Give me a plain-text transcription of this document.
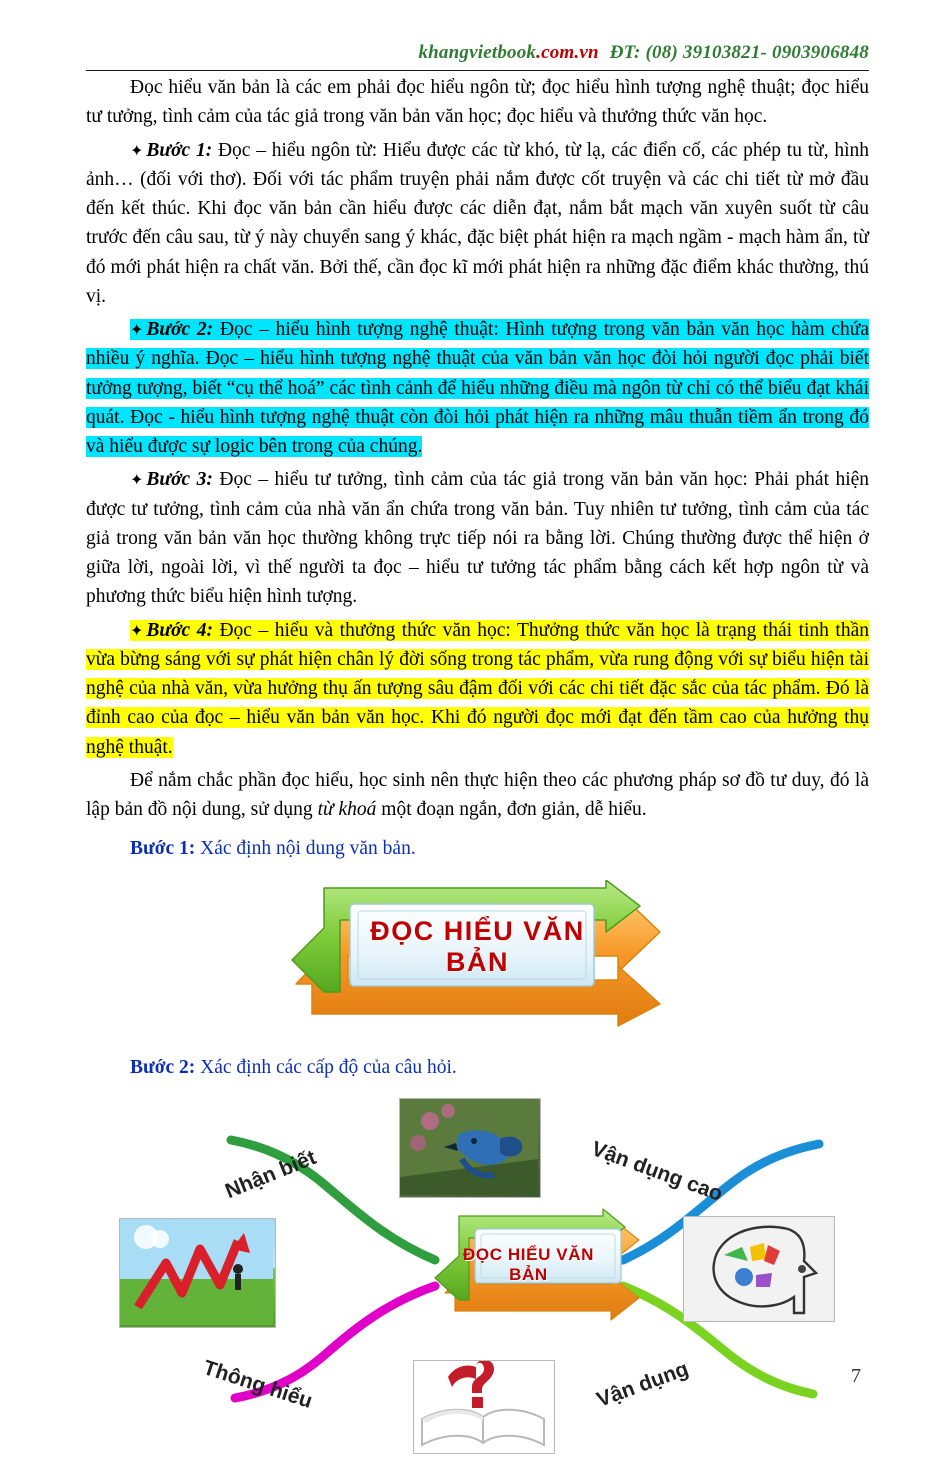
khangvietbook.com.vn ĐT: (08) 39103821- 0903906848

Đọc hiểu văn bản là các em phải đọc hiểu ngôn từ; đọc hiểu hình tượng nghệ thuật; đọc hiểu tư tưởng, tình cảm của tác giả trong văn bản văn học; đọc hiểu và thưởng thức văn học.

✦ Bước 1: Đọc – hiểu ngôn từ: Hiểu được các từ khó, từ lạ, các điển cố, các phép tu từ, hình ảnh… (đối với thơ). Đối với tác phẩm truyện phải nắm được cốt truyện và các chi tiết từ mở đầu đến kết thúc. Khi đọc văn bản cần hiểu được các diễn đạt, nắm bắt mạch văn xuyên suốt từ câu trước đến câu sau, từ ý này chuyển sang ý khác, đặc biệt phát hiện ra mạch ngầm - mạch hàm ẩn, từ đó mới phát hiện ra chất văn. Bởi thế, cần đọc kĩ mới phát hiện ra những đặc điểm khác thường, thú vị.

✦ Bước 2: Đọc – hiểu hình tượng nghệ thuật: Hình tượng trong văn bản văn học hàm chứa nhiều ý nghĩa. Đọc – hiểu hình tượng nghệ thuật của văn bản văn học đòi hỏi người đọc phải biết tưởng tượng, biết “cụ thể hoá” các tình cảnh để hiểu những điều mà ngôn từ chỉ có thể biểu đạt khái quát. Đọc - hiểu hình tượng nghệ thuật còn đòi hỏi phát hiện ra những mâu thuẫn tiềm ẩn trong đó và hiểu được sự logic bên trong của chúng.

✦ Bước 3: Đọc – hiểu tư tưởng, tình cảm của tác giả trong văn bản văn học: Phải phát hiện được tư tưởng, tình cảm của nhà văn ẩn chứa trong văn bản. Tuy nhiên tư tưởng, tình cảm của tác giả trong văn bản văn học thường không trực tiếp nói ra bằng lời. Chúng thường được thể hiện ở giữa lời, ngoài lời, vì thế người ta đọc – hiểu tư tưởng tác phẩm bằng cách kết hợp ngôn từ và phương thức biểu hiện hình tượng.

✦ Bước 4: Đọc – hiểu và thưởng thức văn học: Thưởng thức văn học là trạng thái tinh thần vừa bừng sáng với sự phát hiện chân lý đời sống trong tác phẩm, vừa rung động với sự biểu hiện tài nghệ của nhà văn, vừa hưởng thụ ấn tượng sâu đậm đối với các chi tiết đặc sắc của tác phẩm. Đó là đỉnh cao của đọc – hiểu văn bản văn học. Khi đó người đọc mới đạt đến tầm cao của hưởng thụ nghệ thuật.

Để nắm chắc phần đọc hiểu, học sinh nên thực hiện theo các phương pháp sơ đồ tư duy, đó là lập bản đồ nội dung, sử dụng từ khoá một đoạn ngắn, đơn giản, dễ hiểu.

Bước 1: Xác định nội dung văn bản.

ĐỌC HIỂU VĂN
BẢN

Bước 2: Xác định các cấp độ của câu hỏi.

ĐỌC HIỂU VĂN
BẢN
Nhận biết
Thông hiểu
Vận dụng cao
Vận dụng	7
